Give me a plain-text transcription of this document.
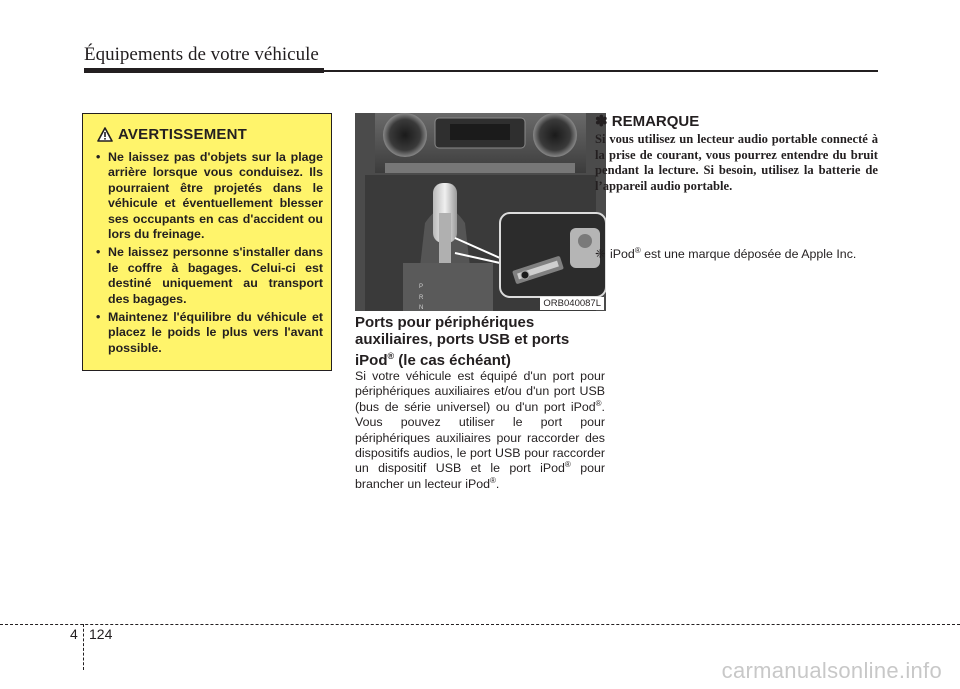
Équipements de votre véhicule
AVERTISSEMENT
• Ne laissez pas d'objets sur la plage arrière lorsque vous conduisez. Ils pourraient être projetés dans le véhicule et éventuellement blesser ses occupants en cas d'accident ou lors du freinage.
• Ne laissez personne s'installer dans le coffre à bagages. Celui-ci est destiné uniquement au transport des bagages.
• Maintenez l'équilibre du véhicule et placez le poids le plus vers l'avant possible.
P
R
N	ORB040087L
Ports pour périphériques
auxiliaires, ports USB et ports
iPod® (le cas échéant)
Si votre véhicule est équipé d'un port pour périphériques auxiliaires et/ou d'un port USB (bus de série universel) ou d'un port iPod®. Vous pouvez utiliser le port pour périphériques auxiliaires pour raccorder des dispositifs audios, le port USB pour raccorder un dispositif USB et le port iPod® pour brancher un lecteur iPod®.
✽ REMARQUE
Si vous utilisez un lecteur audio portable connecté à la prise de courant, vous pourrez entendre du bruit pendant la lecture. Si besoin, utilisez la batterie de l’appareil audio portable.
❈ iPod® est une marque déposée de Apple Inc.
4 124
carmanualsonline.info
